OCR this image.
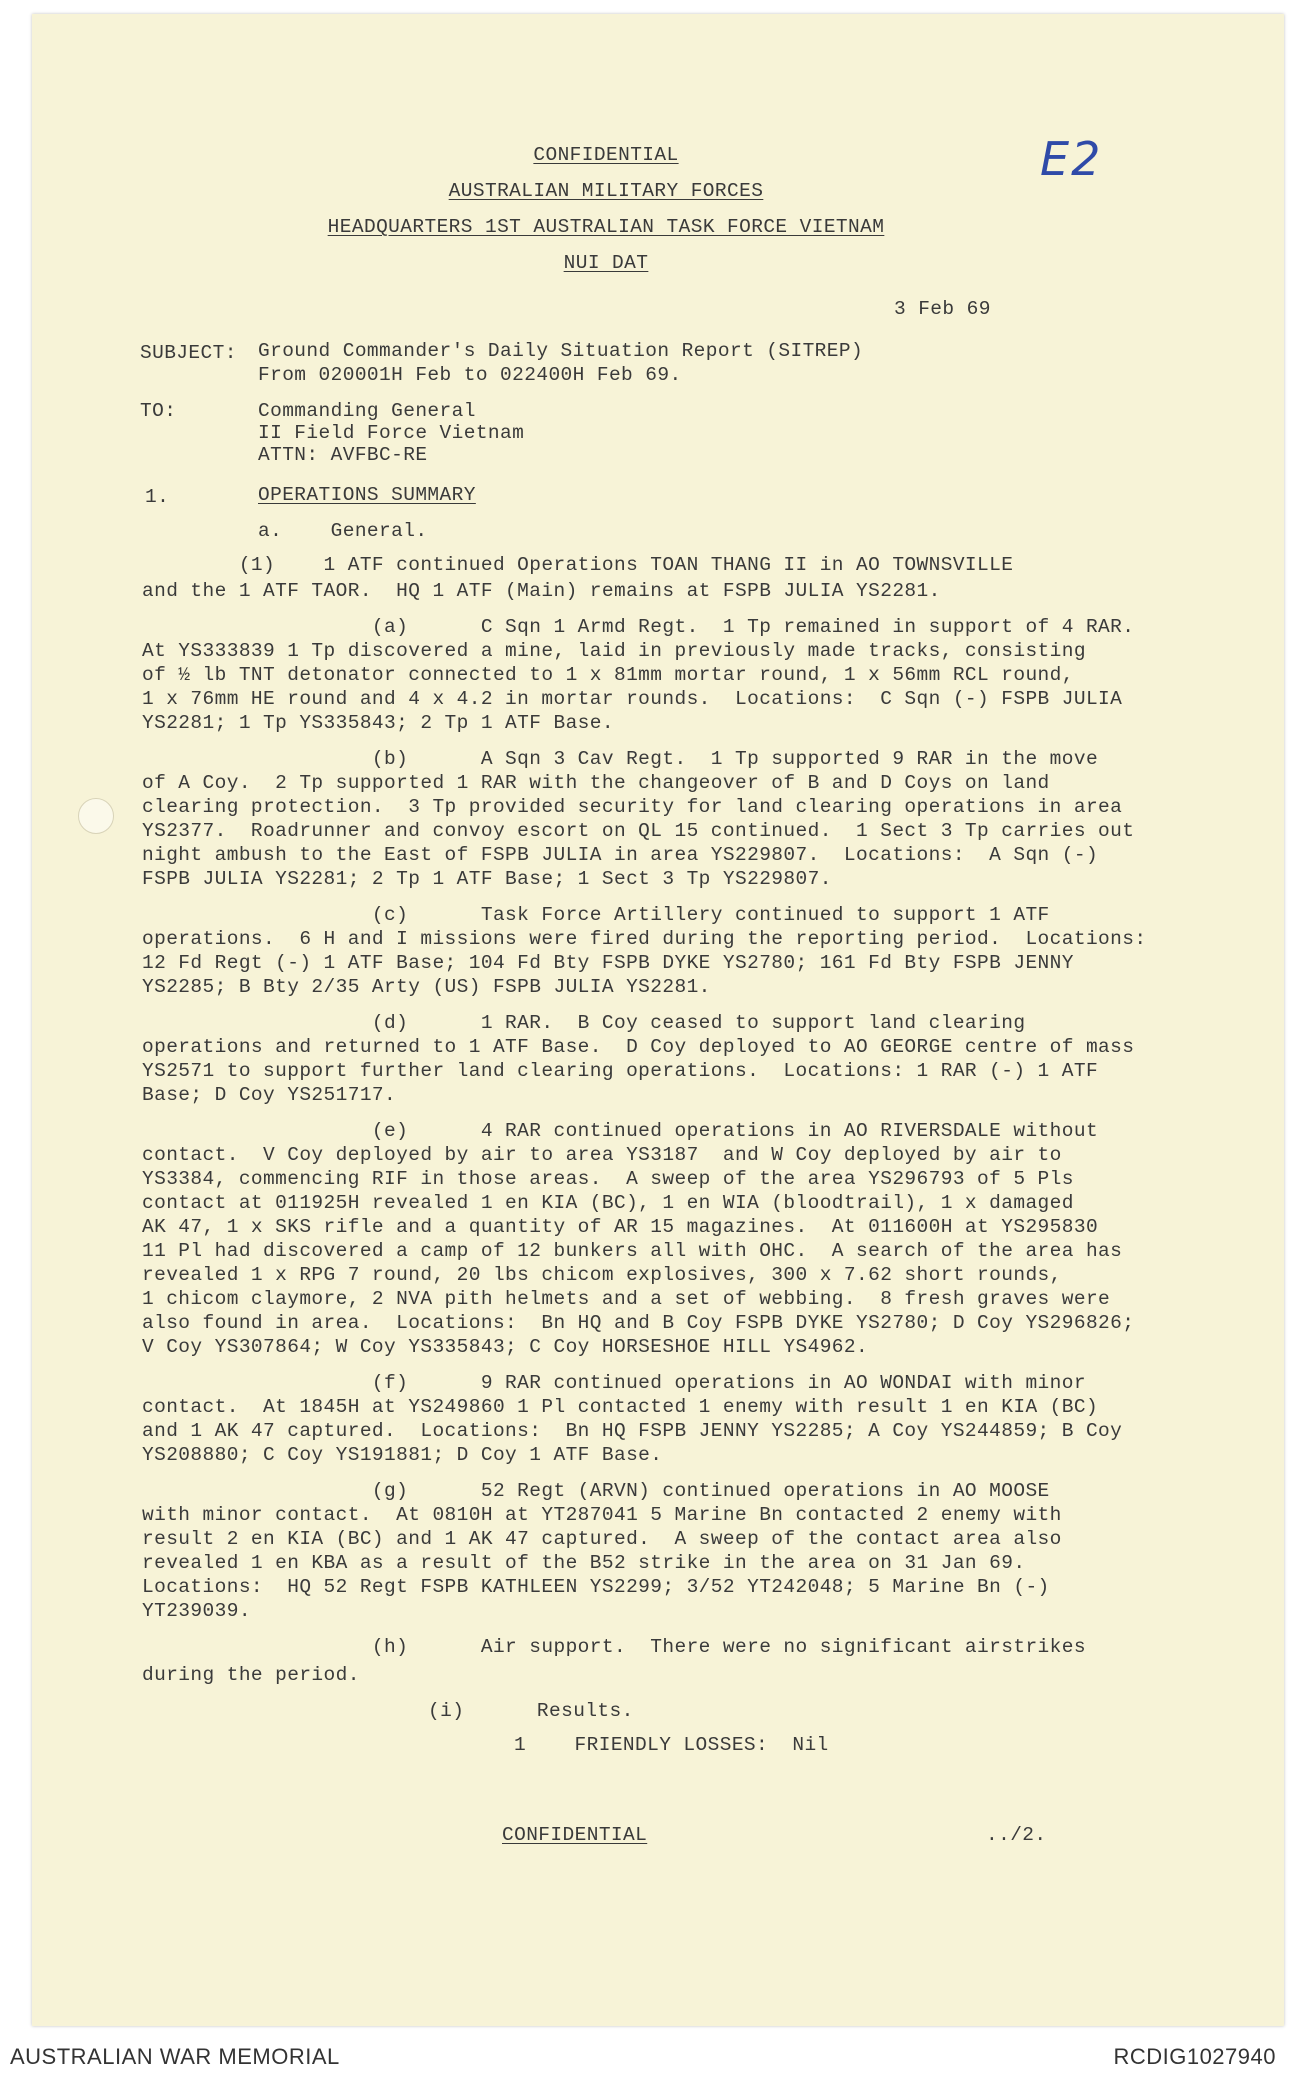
CONFIDENTIAL
AUSTRALIAN MILITARY FORCES
HEADQUARTERS 1ST AUSTRALIAN TASK FORCE VIETNAM
NUI DAT
E2
3 Feb 69
SUBJECT: Ground Commander's Daily Situation Report (SITREP)
From 020001H Feb to 022400H Feb 69.
TO:	Commanding General
II Field Force Vietnam
ATTN: AVFBC-RE
1.	OPERATIONS SUMMARY
a.    General.
(1)    1 ATF continued Operations TOAN THANG II in AO TOWNSVILLE
and the 1 ATF TAOR.  HQ 1 ATF (Main) remains at FSPB JULIA YS2281.
(a)      C Sqn 1 Armd Regt.  1 Tp remained in support of 4 RAR.
At YS333839 1 Tp discovered a mine, laid in previously made tracks, consisting
of ½ lb TNT detonator connected to 1 x 81mm mortar round, 1 x 56mm RCL round,
1 x 76mm HE round and 4 x 4.2 in mortar rounds.  Locations:  C Sqn (-) FSPB JULIA
YS2281; 1 Tp YS335843; 2 Tp 1 ATF Base.
(b)      A Sqn 3 Cav Regt.  1 Tp supported 9 RAR in the move
of A Coy.  2 Tp supported 1 RAR with the changeover of B and D Coys on land
clearing protection.  3 Tp provided security for land clearing operations in area
YS2377.  Roadrunner and convoy escort on QL 15 continued.  1 Sect 3 Tp carries out
night ambush to the East of FSPB JULIA in area YS229807.  Locations:  A Sqn (-)
FSPB JULIA YS2281; 2 Tp 1 ATF Base; 1 Sect 3 Tp YS229807.
(c)      Task Force Artillery continued to support 1 ATF
operations.  6 H and I missions were fired during the reporting period.  Locations:
12 Fd Regt (-) 1 ATF Base; 104 Fd Bty FSPB DYKE YS2780; 161 Fd Bty FSPB JENNY
YS2285; B Bty 2/35 Arty (US) FSPB JULIA YS2281.
(d)      1 RAR.  B Coy ceased to support land clearing
operations and returned to 1 ATF Base.  D Coy deployed to AO GEORGE centre of mass
YS2571 to support further land clearing operations.  Locations: 1 RAR (-) 1 ATF
Base; D Coy YS251717.
(e)      4 RAR continued operations in AO RIVERSDALE without
contact.  V Coy deployed by air to area YS3187  and W Coy deployed by air to
YS3384, commencing RIF in those areas.  A sweep of the area YS296793 of 5 Pls
contact at 011925H revealed 1 en KIA (BC), 1 en WIA (bloodtrail), 1 x damaged
AK 47, 1 x SKS rifle and a quantity of AR 15 magazines.  At 011600H at YS295830
11 Pl had discovered a camp of 12 bunkers all with OHC.  A search of the area has
revealed 1 x RPG 7 round, 20 lbs chicom explosives, 300 x 7.62 short rounds,
1 chicom claymore, 2 NVA pith helmets and a set of webbing.  8 fresh graves were
also found in area.  Locations:  Bn HQ and B Coy FSPB DYKE YS2780; D Coy YS296826;
V Coy YS307864; W Coy YS335843; C Coy HORSESHOE HILL YS4962.
(f)      9 RAR continued operations in AO WONDAI with minor
contact.  At 1845H at YS249860 1 Pl contacted 1 enemy with result 1 en KIA (BC)
and 1 AK 47 captured.  Locations:  Bn HQ FSPB JENNY YS2285; A Coy YS244859; B Coy
YS208880; C Coy YS191881; D Coy 1 ATF Base.
(g)      52 Regt (ARVN) continued operations in AO MOOSE
with minor contact.  At 0810H at YT287041 5 Marine Bn contacted 2 enemy with
result 2 en KIA (BC) and 1 AK 47 captured.  A sweep of the contact area also
revealed 1 en KBA as a result of the B52 strike in the area on 31 Jan 69.
Locations:  HQ 52 Regt FSPB KATHLEEN YS2299; 3/52 YT242048; 5 Marine Bn (-)
YT239039.
(h)      Air support.  There were no significant airstrikes
during the period.
(i)      Results.
1    FRIENDLY LOSSES:  Nil
CONFIDENTIAL	../2.
AUSTRALIAN WAR MEMORIAL	RCDIG1027940
